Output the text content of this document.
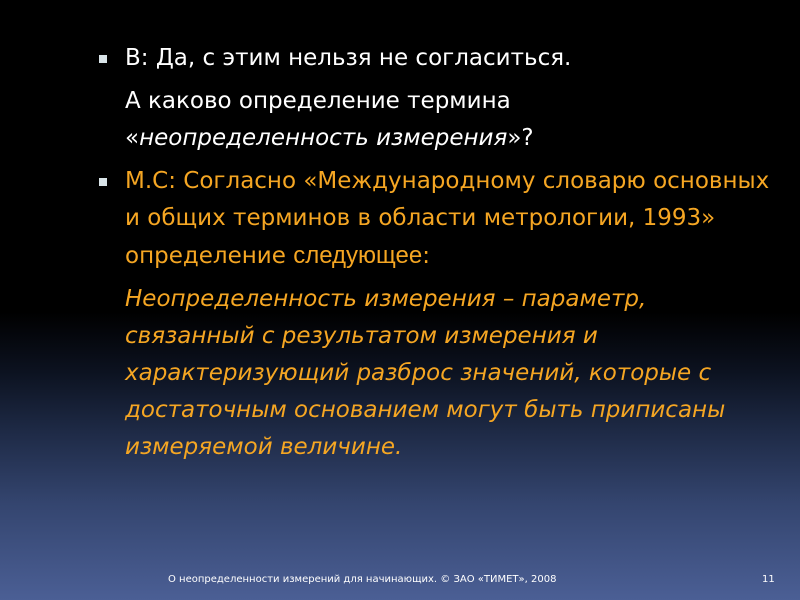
В: Да, с этим нельзя не согласиться.

А каково определение термина
«неопределенность измерения»?

М.С: Согласно «Международному словарю основных и общих терминов в области метрологии, 1993» определение следующее:

Неопределенность измерения – параметр, связанный с результатом измерения и характеризующий разброс значений, которые с достаточным основанием могут быть приписаны измеряемой величине.

О неопределенности измерений для начинающих. © ЗАО «ТИМЕТ», 2008	11
